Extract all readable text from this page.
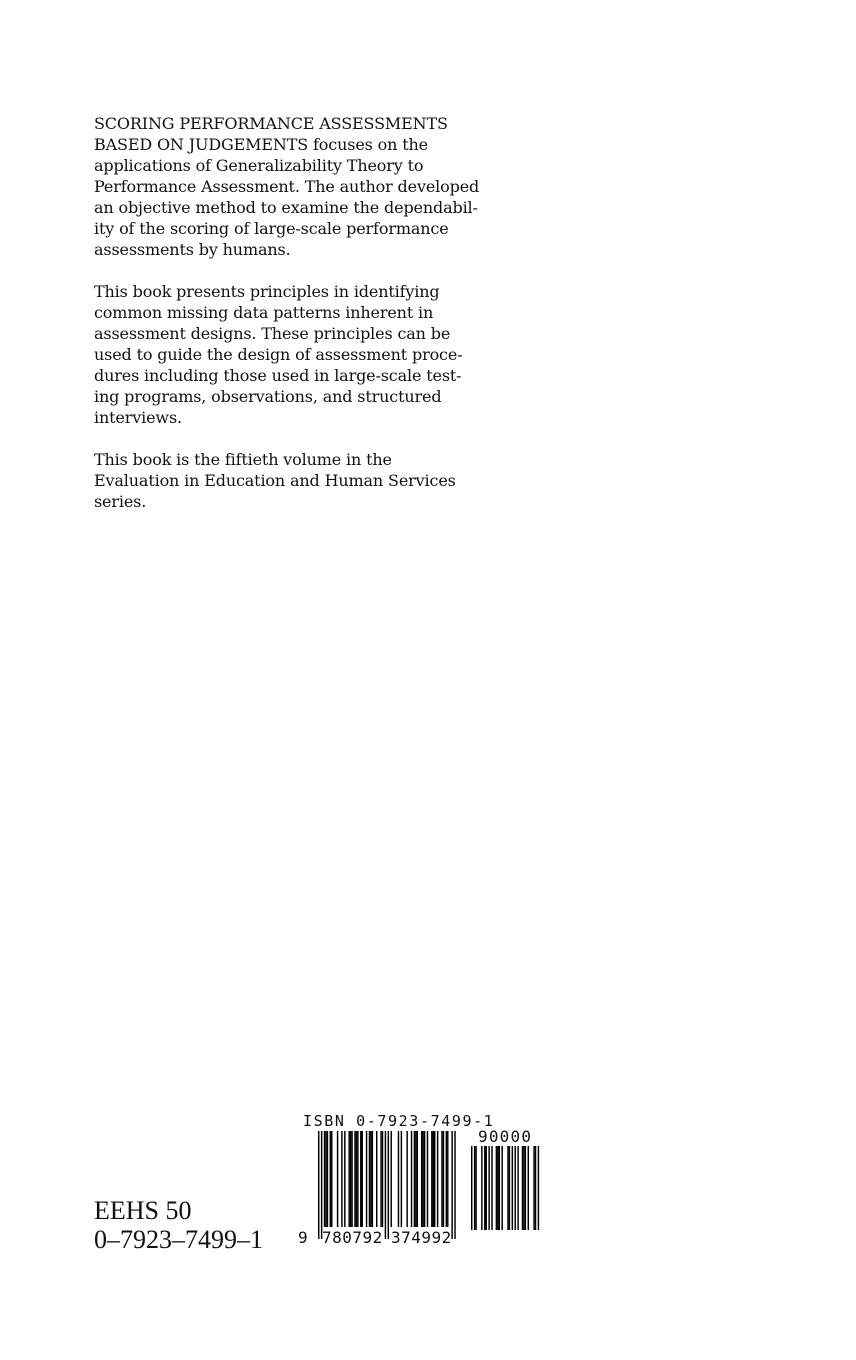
SCORING PERFORMANCE ASSESSMENTS
BASED ON JUDGEMENTS focuses on the
applications of Generalizability Theory to
Performance Assessment. The author developed
an objective method to examine the dependabil-
ity of the scoring of large-scale performance
assessments by humans.

This book presents principles in identifying
common missing data patterns inherent in
assessment designs. These principles can be
used to guide the design of assessment proce-
dures including those used in large-scale test-
ing programs, observations, and structured
interviews.

This book is the fiftieth volume in the
Evaluation in Education and Human Services
series.

EEHS 50
0–7923–7499–1
ISBN 0-7923-7499-1
90000
9 780792 374992
